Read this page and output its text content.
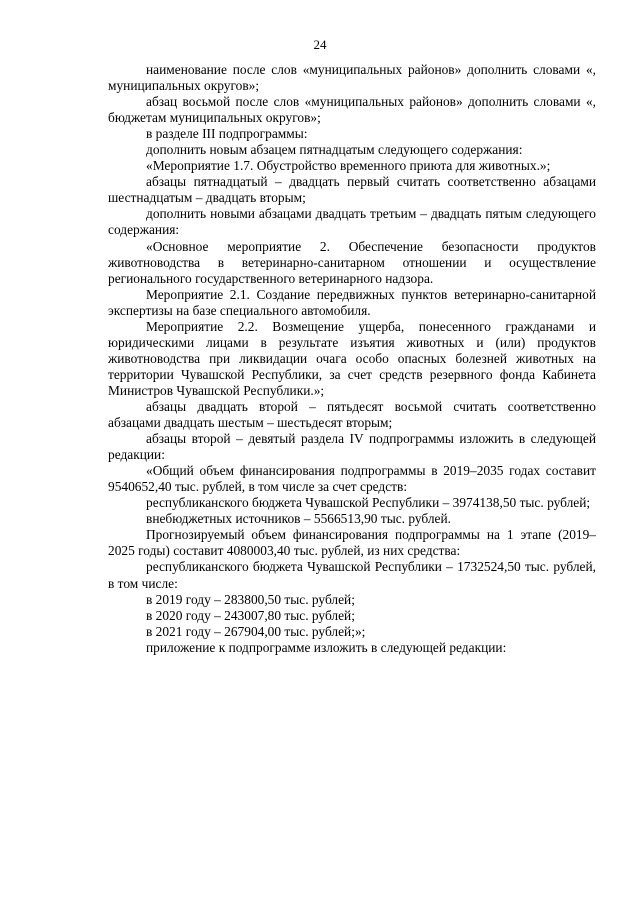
24

наименование после слов «муниципальных районов» дополнить словами «, муниципальных округов»;

абзац восьмой после слов «муниципальных районов» дополнить словами «, бюджетам муниципальных округов»;

в разделе III подпрограммы:

дополнить новым абзацем пятнадцатым следующего содержания:

«Мероприятие 1.7. Обустройство временного приюта для животных.»;

абзацы пятнадцатый – двадцать первый считать соответственно абзацами шестнадцатым – двадцать вторым;

дополнить новыми абзацами двадцать третьим – двадцать пятым следующего содержания:

«Основное мероприятие 2. Обеспечение безопасности продуктов животноводства в ветеринарно-санитарном отношении и осуществление регионального государственного ветеринарного надзора.

Мероприятие 2.1. Создание передвижных пунктов ветеринарно-санитарной экспертизы на базе специального автомобиля.

Мероприятие 2.2. Возмещение ущерба, понесенного гражданами и юридическими лицами в результате изъятия животных и (или) продуктов животноводства при ликвидации очага особо опасных болезней животных на территории Чувашской Республики, за счет средств резервного фонда Кабинета Министров Чувашской Республики.»;

абзацы двадцать второй – пятьдесят восьмой считать соответственно абзацами двадцать шестым – шестьдесят вторым;

абзацы второй – девятый раздела IV подпрограммы изложить в следующей редакции:

«Общий объем финансирования подпрограммы в 2019–2035 годах составит 9540652,40 тыс. рублей, в том числе за счет средств:

республиканского бюджета Чувашской Республики – 3974138,50 тыс. рублей;

внебюджетных источников – 5566513,90 тыс. рублей.

Прогнозируемый объем финансирования подпрограммы на 1 этапе (2019–2025 годы) составит 4080003,40 тыс. рублей, из них средства:

республиканского бюджета Чувашской Республики – 1732524,50 тыс. рублей, в том числе:

в 2019 году – 283800,50 тыс. рублей;

в 2020 году – 243007,80 тыс. рублей;

в 2021 году – 267904,00 тыс. рублей;»;

приложение к подпрограмме изложить в следующей редакции:
